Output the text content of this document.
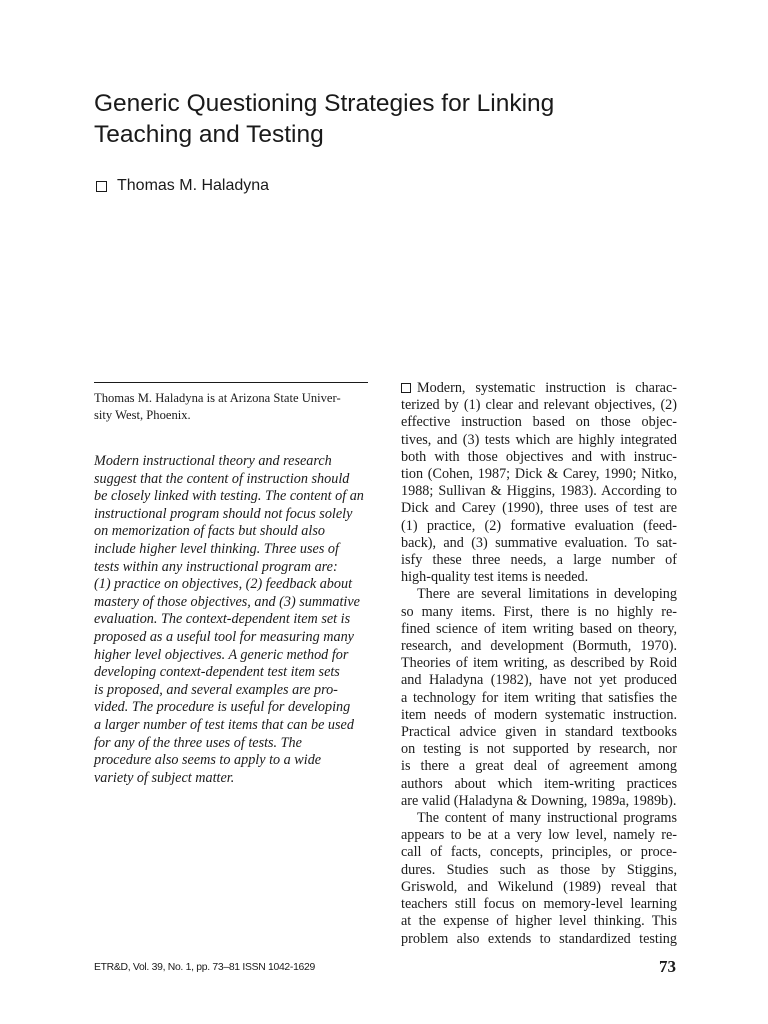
Generic Questioning Strategies for Linking
Teaching and Testing
Thomas M. Haladyna
Thomas M. Haladyna is at Arizona State Univer-
sity West, Phoenix.
Modern instructional theory and research
suggest that the content of instruction should
be closely linked with testing. The content of an
instructional program should not focus solely
on memorization of facts but should also
include higher level thinking. Three uses of
tests within any instructional program are:
(1) practice on objectives, (2) feedback about
mastery of those objectives, and (3) summative
evaluation. The context-dependent item set is
proposed as a useful tool for measuring many
higher level objectives. A generic method for
developing context-dependent test item sets
is proposed, and several examples are pro-
vided. The procedure is useful for developing
a larger number of test items that can be used
for any of the three uses of tests. The
procedure also seems to apply to a wide
variety of subject matter.
Modern, systematic instruction is charac-
terized by (1) clear and relevant objectives, (2)
effective instruction based on those objec-
tives, and (3) tests which are highly integrated
both with those objectives and with instruc-
tion (Cohen, 1987; Dick & Carey, 1990; Nitko,
1988; Sullivan & Higgins, 1983). According to
Dick and Carey (1990), three uses of test are
(1) practice, (2) formative evaluation (feed-
back), and (3) summative evaluation. To sat-
isfy these three needs, a large number of
high-quality test items is needed.
There are several limitations in developing
so many items. First, there is no highly re-
fined science of item writing based on theory,
research, and development (Bormuth, 1970).
Theories of item writing, as described by Roid
and Haladyna (1982), have not yet produced
a technology for item writing that satisfies the
item needs of modern systematic instruction.
Practical advice given in standard textbooks
on testing is not supported by research, nor
is there a great deal of agreement among
authors about which item-writing practices
are valid (Haladyna & Downing, 1989a, 1989b).
The content of many instructional programs
appears to be at a very low level, namely re-
call of facts, concepts, principles, or proce-
dures. Studies such as those by Stiggins,
Griswold, and Wikelund (1989) reveal that
teachers still focus on memory-level learning
at the expense of higher level thinking. This
problem also extends to standardized testing
ETR&D, Vol. 39, No. 1, pp. 73–81 ISSN 1042-1629	73
